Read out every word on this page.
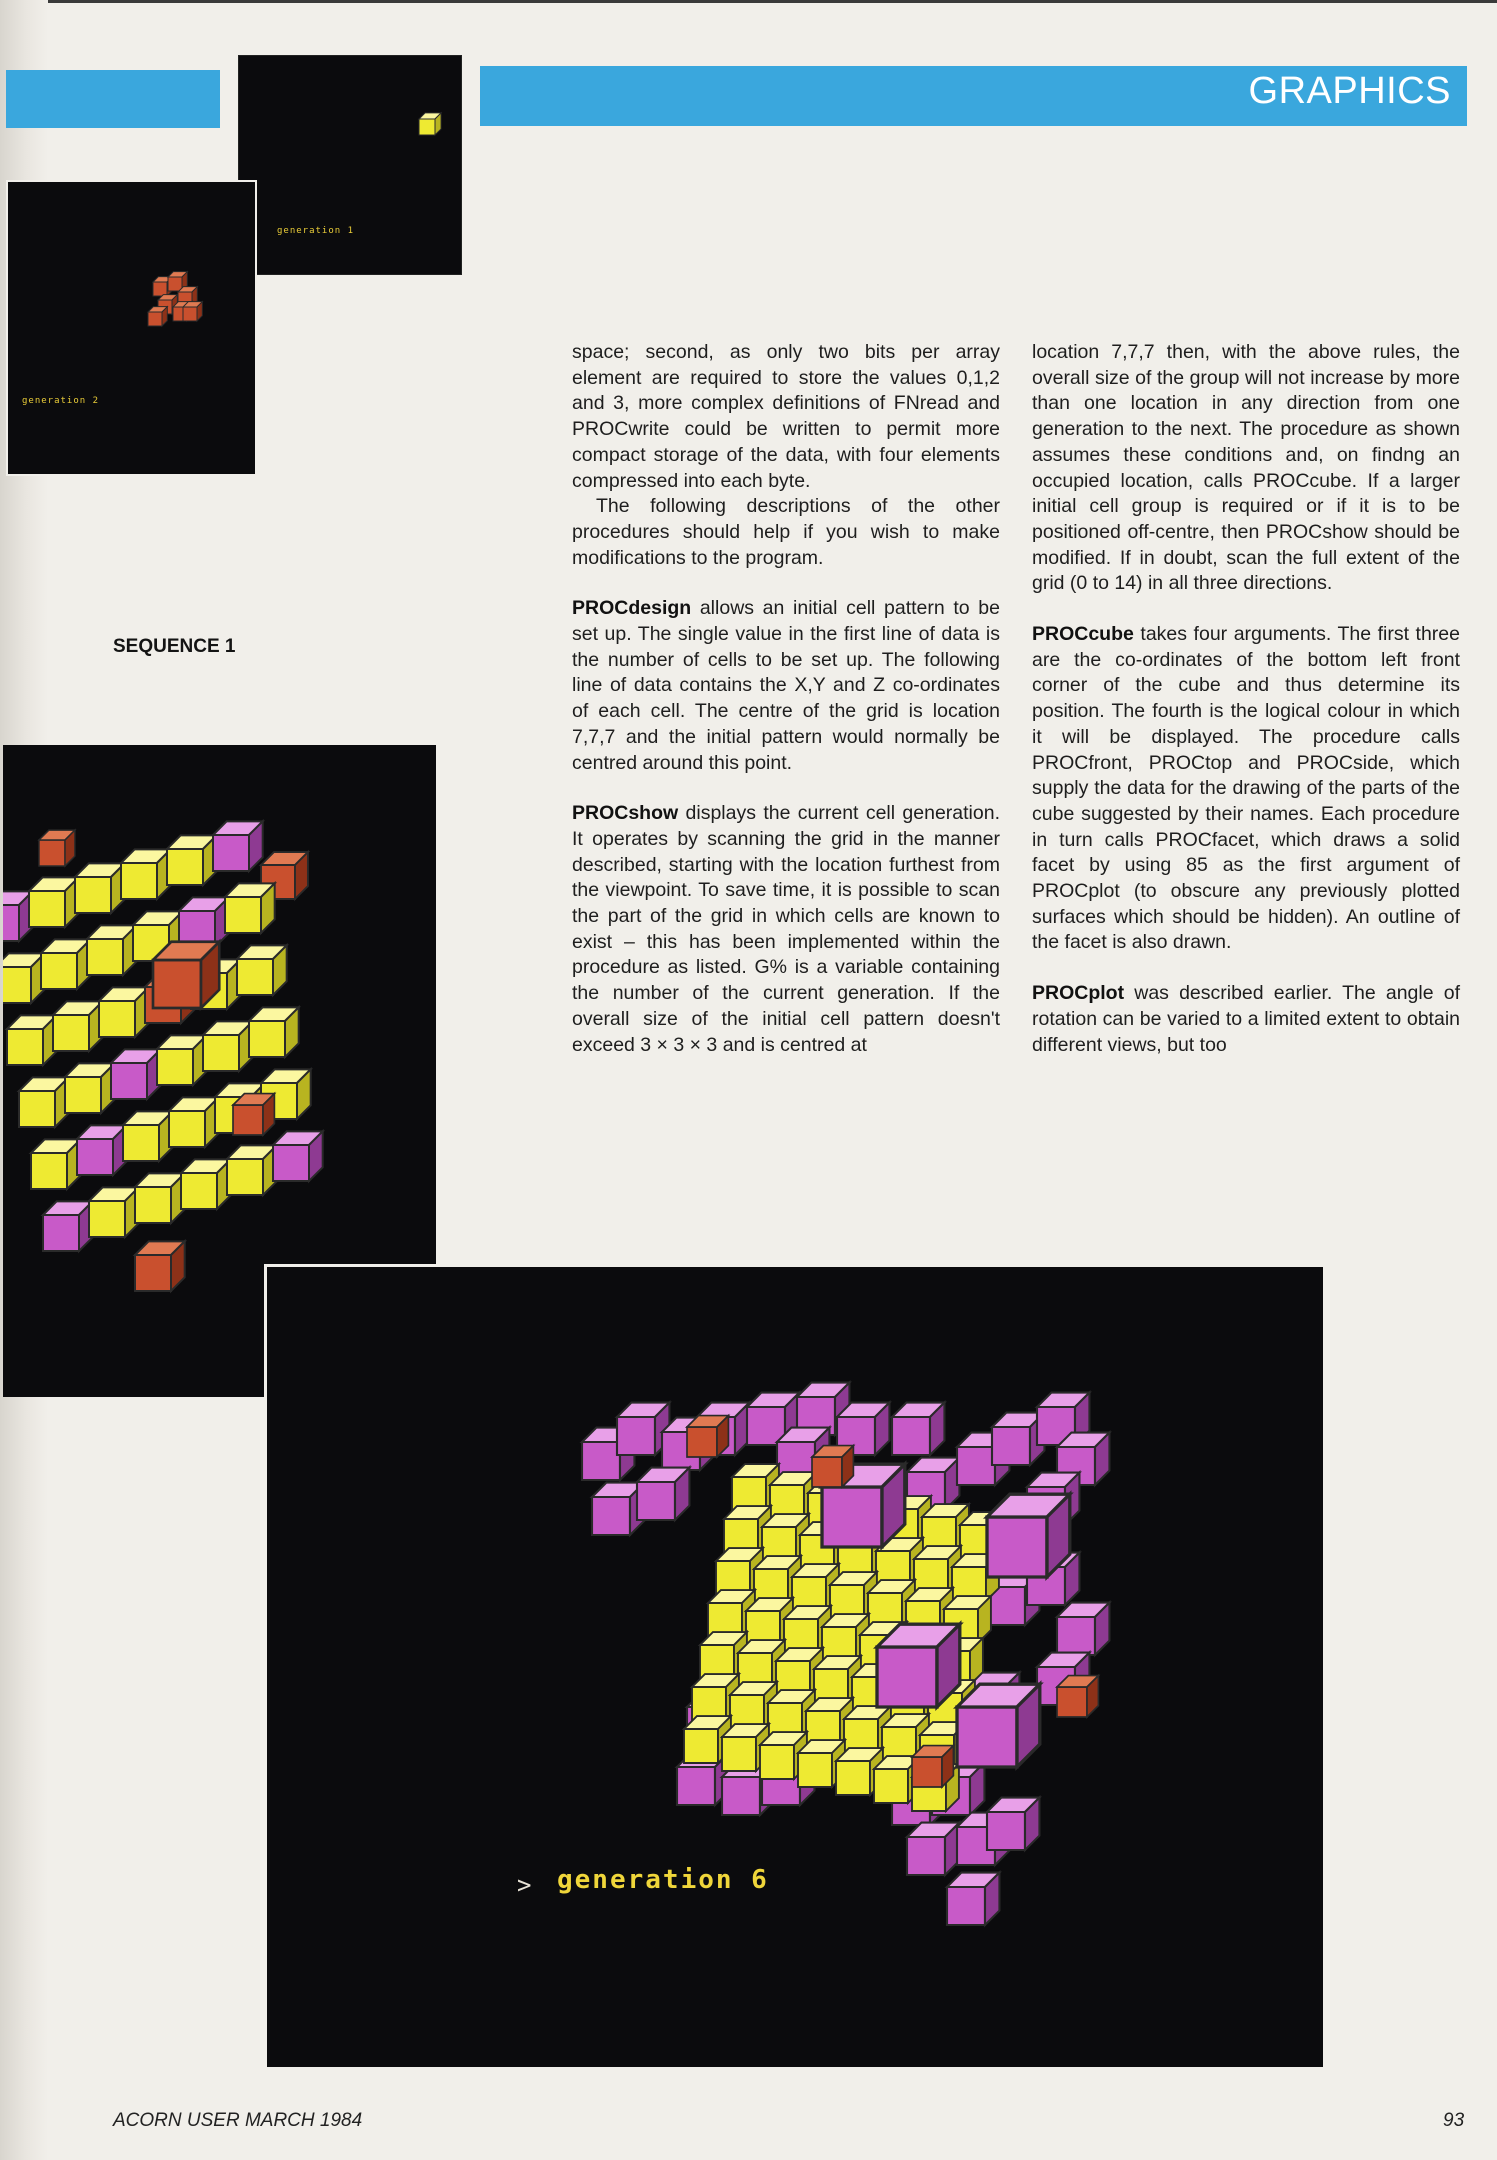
GRAPHICS
generation 1
generation 2
SEQUENCE 1
> generation 6

space; second, as only two bits per array element are required to store the values 0,1,2 and 3, more complex definitions of FNread and PROCwrite could be written to permit more compact storage of the data, with four elements compressed into each byte.

The following descriptions of the other procedures should help if you wish to make modifications to the program.

PROCdesign allows an initial cell pattern to be set up. The single value in the first line of data is the number of cells to be set up. The following line of data contains the X,Y and Z co-ordinates of each cell. The centre of the grid is location 7,7,7 and the initial pattern would normally be centred around this point.

PROCshow displays the current cell generation. It operates by scanning the grid in the manner described, starting with the location furthest from the viewpoint. To save time, it is possible to scan the part of the grid in which cells are known to exist – this has been implemented within the procedure as listed. G% is a variable containing the number of the current generation. If the overall size of the initial cell pattern doesn't exceed 3 × 3 × 3 and is centred at

location 7,7,7 then, with the above rules, the overall size of the group will not increase by more than one location in any direction from one generation to the next. The procedure as shown assumes these conditions and, on findng an occupied location, calls PROCcube. If a larger initial cell group is required or if it is to be positioned off-centre, then PROCshow should be modified. If in doubt, scan the full extent of the grid (0 to 14) in all three directions.

PROCcube takes four arguments. The first three are the co-ordinates of the bottom left front corner of the cube and thus determine its position. The fourth is the logical colour in which it will be displayed. The procedure calls PROCfront, PROCtop and PROCside, which supply the data for the drawing of the parts of the cube suggested by their names. Each procedure in turn calls PROCfacet, which draws a solid facet by using 85 as the first argument of PROCplot (to obscure any previously plotted surfaces which should be hidden). An outline of the facet is also drawn.

PROCplot was described earlier. The angle of rotation can be varied to a limited extent to obtain different views, but too

ACORN USER MARCH 1984	93
